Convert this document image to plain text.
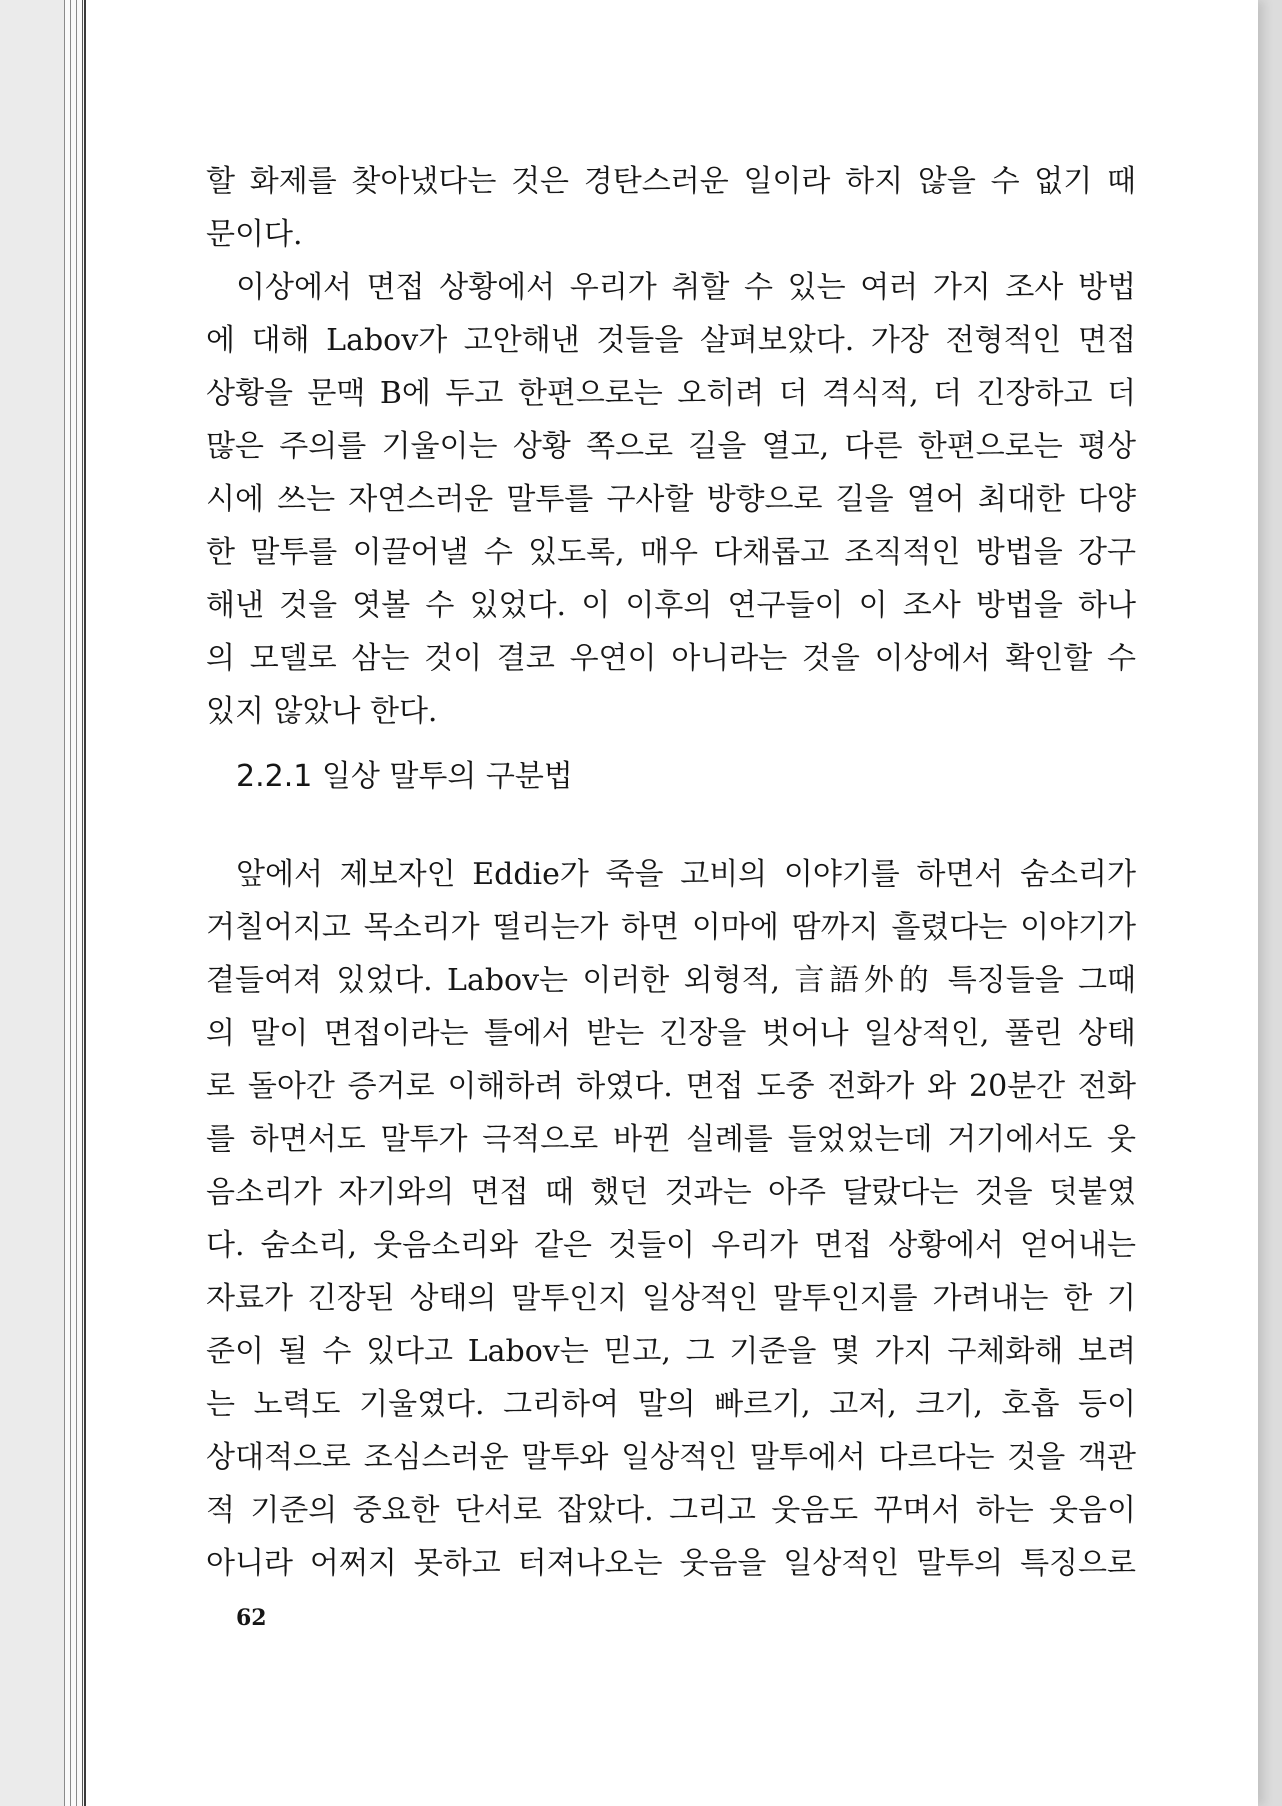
할 화제를 찾아냈다는 것은 경탄스러운 일이라 하지 않을 수 없기 때
문이다.
이상에서 면접 상황에서 우리가 취할 수 있는 여러 가지 조사 방법
에 대해 Labov가 고안해낸 것들을 살펴보았다. 가장 전형적인 면접
상황을 문맥 B에 두고 한편으로는 오히려 더 격식적, 더 긴장하고 더
많은 주의를 기울이는 상황 쪽으로 길을 열고, 다른 한편으로는 평상
시에 쓰는 자연스러운 말투를 구사할 방향으로 길을 열어 최대한 다양
한 말투를 이끌어낼 수 있도록, 매우 다채롭고 조직적인 방법을 강구
해낸 것을 엿볼 수 있었다. 이 이후의 연구들이 이 조사 방법을 하나
의 모델로 삼는 것이 결코 우연이 아니라는 것을 이상에서 확인할 수
있지 않았나 한다.
2.2.1 일상 말투의 구분법
앞에서 제보자인 Eddie가 죽을 고비의 이야기를 하면서 숨소리가
거칠어지고 목소리가 떨리는가 하면 이마에 땀까지 흘렸다는 이야기가
곁들여져 있었다. Labov는 이러한 외형적, 言語外的 특징들을 그때
의 말이 면접이라는 틀에서 받는 긴장을 벗어나 일상적인, 풀린 상태
로 돌아간 증거로 이해하려 하였다. 면접 도중 전화가 와 20분간 전화
를 하면서도 말투가 극적으로 바뀐 실례를 들었었는데 거기에서도 웃
음소리가 자기와의 면접 때 했던 것과는 아주 달랐다는 것을 덧붙였
다. 숨소리, 웃음소리와 같은 것들이 우리가 면접 상황에서 얻어내는
자료가 긴장된 상태의 말투인지 일상적인 말투인지를 가려내는 한 기
준이 될 수 있다고 Labov는 믿고, 그 기준을 몇 가지 구체화해 보려
는 노력도 기울였다. 그리하여 말의 빠르기, 고저, 크기, 호흡 등이
상대적으로 조심스러운 말투와 일상적인 말투에서 다르다는 것을 객관
적 기준의 중요한 단서로 잡았다. 그리고 웃음도 꾸며서 하는 웃음이
아니라 어쩌지 못하고 터져나오는 웃음을 일상적인 말투의 특징으로
62
